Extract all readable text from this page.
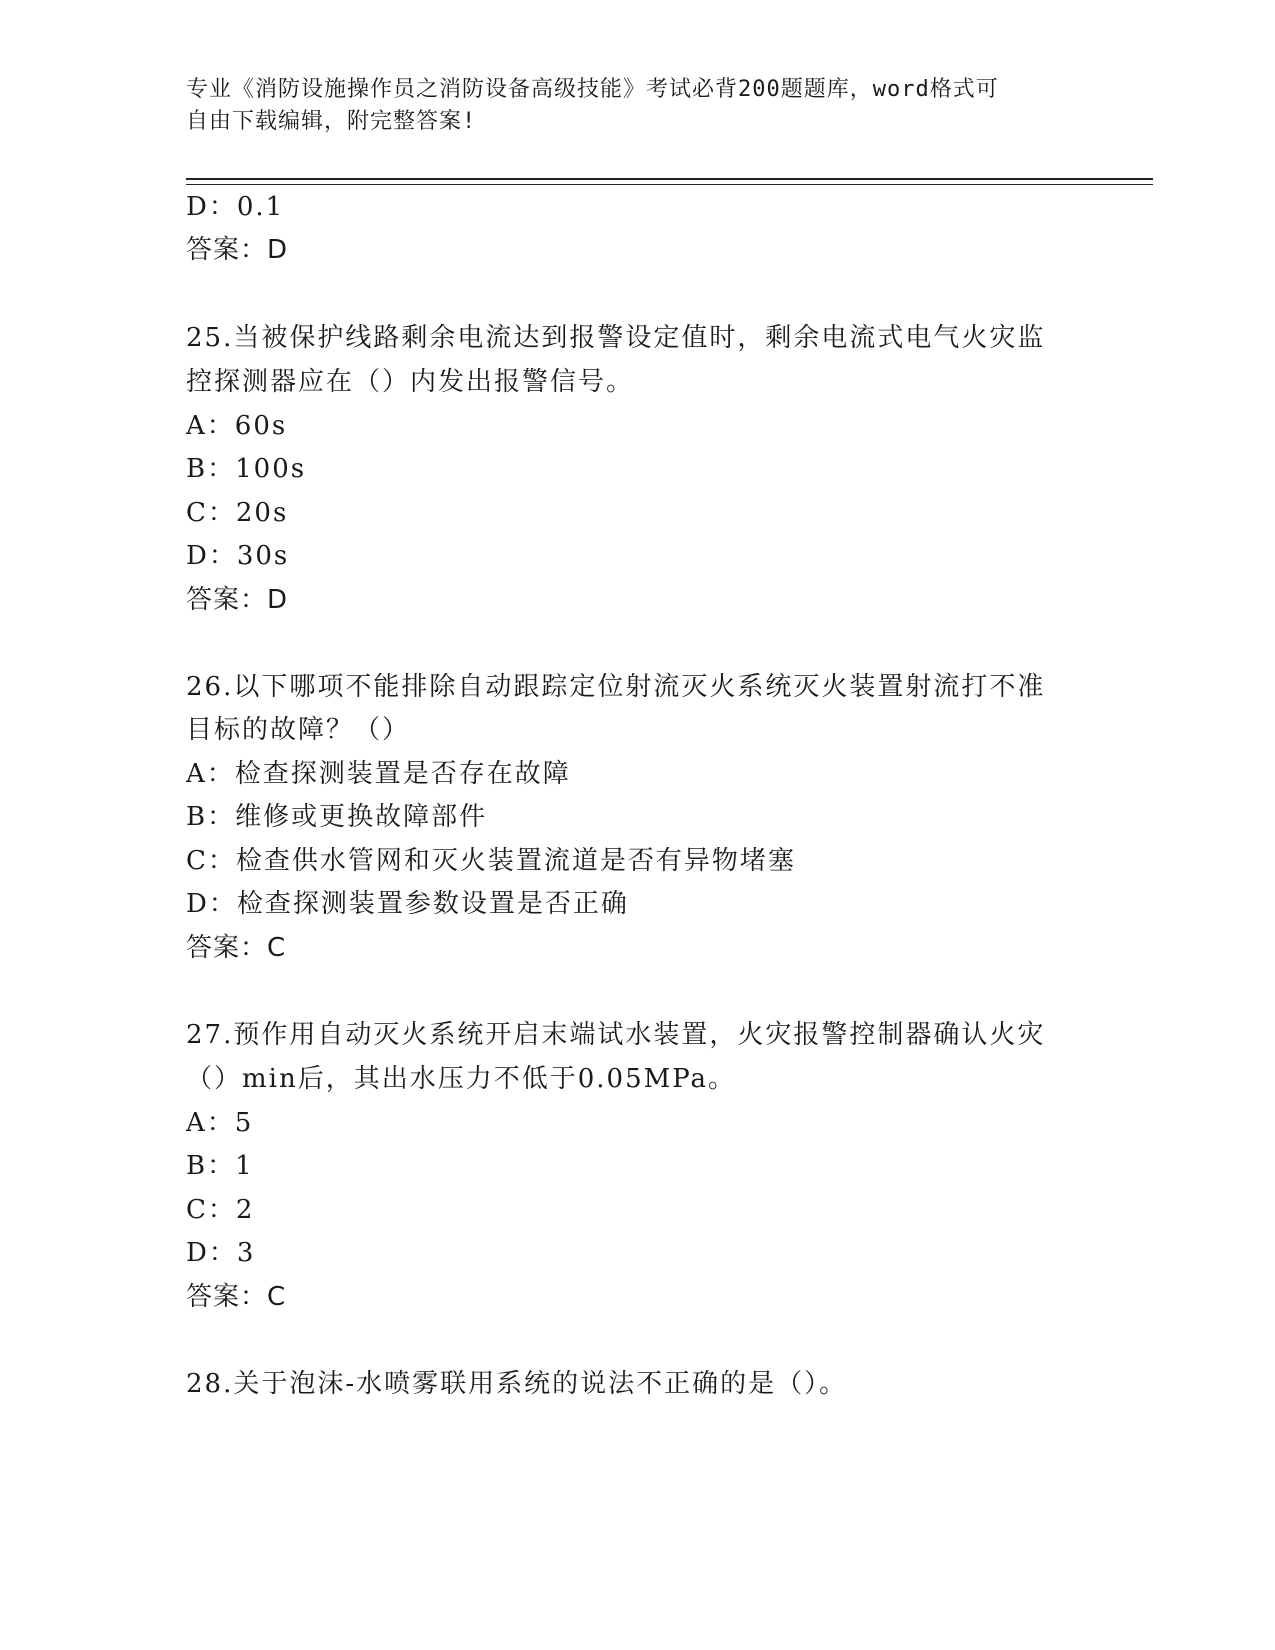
专业《消防设施操作员之消防设备高级技能》考试必背200题题库，word格式可
自由下载编辑，附完整答案!
D：0.1
答案：D
25.当被保护线路剩余电流达到报警设定值时，剩余电流式电气火灾监
控探测器应在（）内发出报警信号。
A：60s
B：100s
C：20s
D：30s
答案：D
26.以下哪项不能排除自动跟踪定位射流灭火系统灭火装置射流打不准
目标的故障？（）
A：检查探测装置是否存在故障
B：维修或更换故障部件
C：检查供水管网和灭火装置流道是否有异物堵塞
D：检查探测装置参数设置是否正确
答案：C
27.预作用自动灭火系统开启末端试水装置，火灾报警控制器确认火灾
（）min后，其出水压力不低于0.05MPa。
A：5
B：1
C：2
D：3
答案：C
28.关于泡沫-水喷雾联用系统的说法不正确的是（）。
